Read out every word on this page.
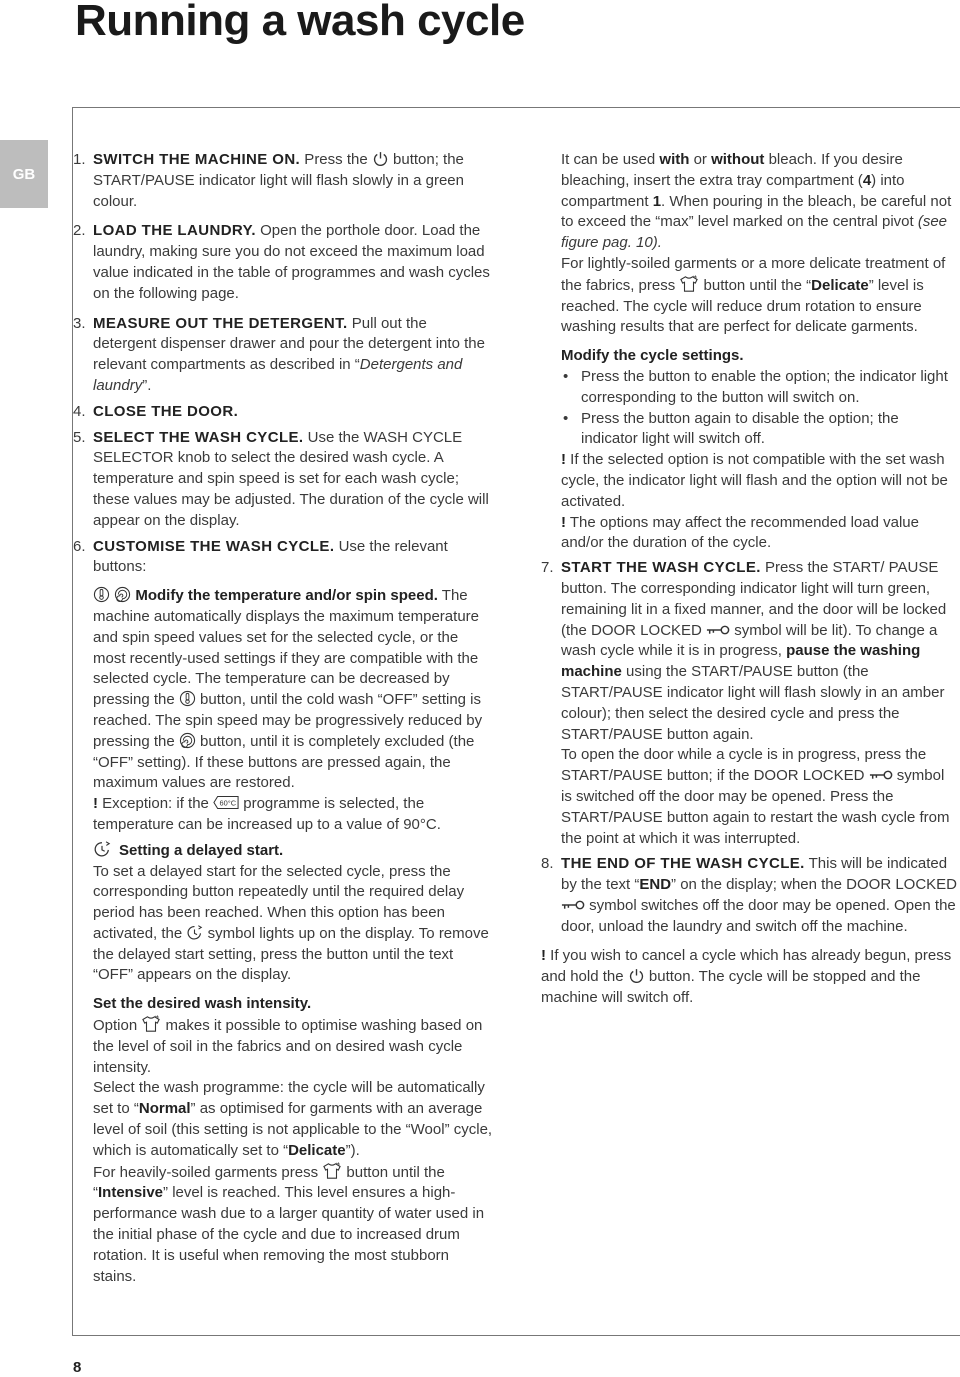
Running a wash cycle
GB
8
1. SWITCH THE MACHINE ON. Press the
button; the START/PAUSE indicator light will flash slowly in a green colour.
2. LOAD THE LAUNDRY. Open the porthole door. Load the laundry, making sure you do not exceed the maximum load value indicated in the table of programmes and wash cycles on the following page.
3. MEASURE OUT THE DETERGENT. Pull out the detergent dispenser drawer and pour the detergent into the relevant compartments as described in “Detergents and laundry”.
4. CLOSE THE DOOR.
5. SELECT THE WASH CYCLE. Use the WASH CYCLE SELECTOR knob to select the desired wash cycle. A temperature and spin speed is set for each wash cycle; these values may be adjusted. The duration of the cycle will appear on the display.
6. CUSTOMISE THE WASH CYCLE. Use the relevant buttons:

Modify the temperature and/or spin speed. The machine automatically displays the maximum temperature and spin speed values set for the selected cycle, or the most recently-used settings if they are compatible with the selected cycle. The temperature can be decreased by pressing the
button, until the cold wash “OFF” setting is reached. The spin speed may be progressively reduced by pressing the
button, until it is completely excluded (the “OFF” setting). If these buttons are pressed again, the maximum values are restored.
! Exception: if the 60°C programme is selected, the temperature can be increased up to a value of 90°C.
Setting a delayed start.
To set a delayed start for the selected cycle, press the corresponding button repeatedly until the required delay period has been reached. When this option has been activated, the
symbol lights up on the display. To remove the delayed start setting, press the button until the text “OFF” appears on the display.
Set the desired wash intensity.
Option
makes it possible to optimise washing based on the level of soil in the fabrics and on desired wash cycle intensity.
Select the wash programme: the cycle will be automatically set to “Normal” as optimised for garments with an average level of soil (this setting is not applicable to the “Wool” cycle, which is automatically set to “Delicate”).
For heavily-soiled garments press
button until the “Intensive” level is reached. This level ensures a high-performance wash due to a larger quantity of water used in the initial phase of the cycle and due to increased drum rotation. It is useful when removing the most stubborn stains.
It can be used with or without bleach. If you desire bleaching, insert the extra tray compartment (4) into compartment 1. When pouring in the bleach, be careful not to exceed the “max” level marked on the central pivot (see figure pag. 10).
For lightly-soiled garments or a more delicate treatment of the fabrics, press
button until the “Delicate” level is reached. The cycle will reduce drum rotation to ensure washing results that are perfect for delicate garments.
Modify the cycle settings.
• Press the button to enable the option; the indicator light corresponding to the button will switch on.
• Press the button again to disable the option; the indicator light will switch off.
! If the selected option is not compatible with the set wash cycle, the indicator light will flash and the option will not be activated.
! The options may affect the recommended load value and/or the duration of the cycle.
7. START THE WASH CYCLE. Press the START/ PAUSE button. The corresponding indicator light will turn green, remaining lit in a fixed manner, and the door will be locked (the DOOR LOCKED
symbol will be lit). To change a wash cycle while it is in progress, pause the washing machine using the START/PAUSE button (the START/PAUSE indicator light will flash slowly in an amber colour); then select the desired cycle and press the START/PAUSE button again.
To open the door while a cycle is in progress, press the START/PAUSE button; if the DOOR LOCKED
symbol is switched off the door may be opened. Press the START/PAUSE button again to restart the wash cycle from the point at which it was interrupted.
8. THE END OF THE WASH CYCLE. This will be indicated by the text “END” on the display; when the DOOR LOCKED
symbol switches off the door may be opened. Open the door, unload the laundry and switch off the machine.
! If you wish to cancel a cycle which has already begun, press and hold the
button. The cycle will be stopped and the machine will switch off.
